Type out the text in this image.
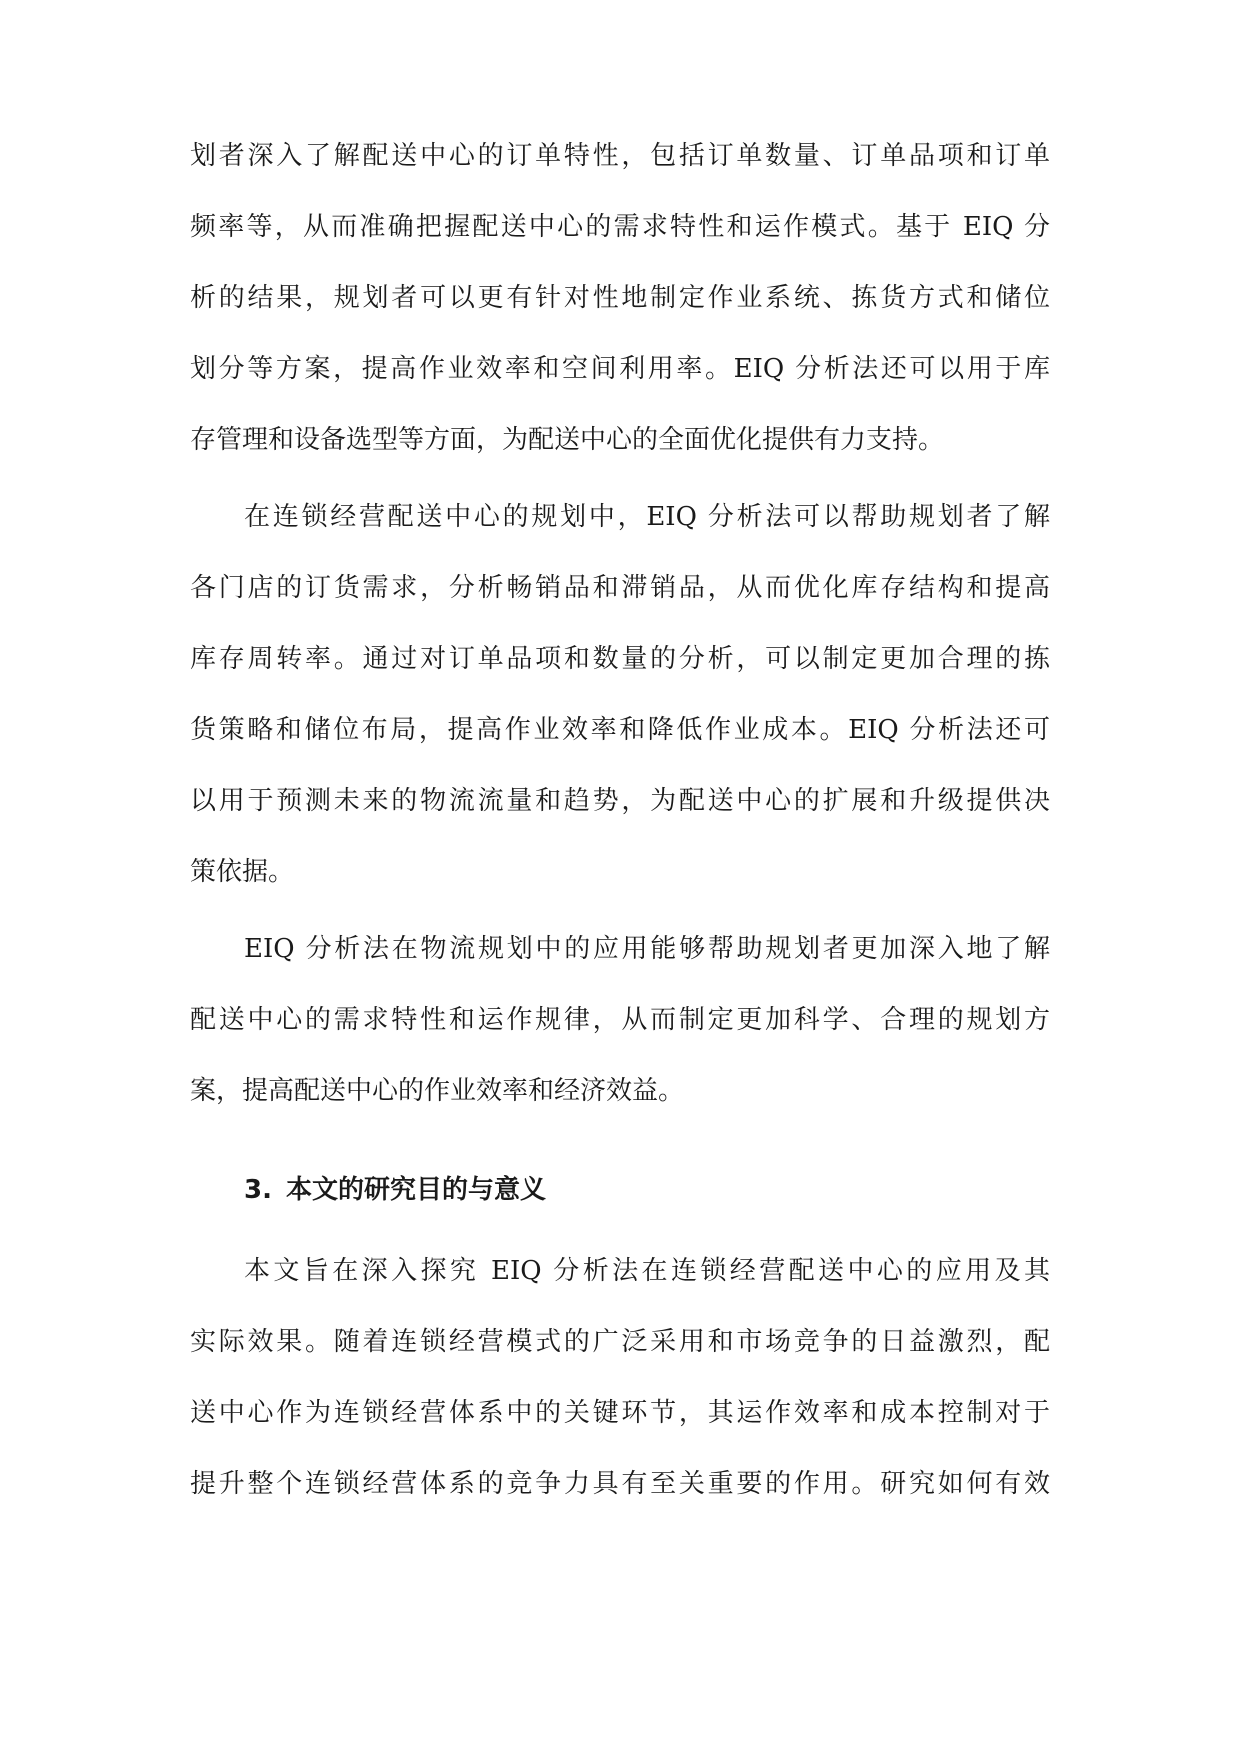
划者深入了解配送中心的订单特性，包括订单数量、订单品项和订单
频率等，从而准确把握配送中心的需求特性和运作模式。基于 EIQ 分
析的结果，规划者可以更有针对性地制定作业系统、拣货方式和储位
划分等方案，提高作业效率和空间利用率。EIQ 分析法还可以用于库
存管理和设备选型等方面，为配送中心的全面优化提供有力支持。
在连锁经营配送中心的规划中，EIQ 分析法可以帮助规划者了解
各门店的订货需求，分析畅销品和滞销品，从而优化库存结构和提高
库存周转率。通过对订单品项和数量的分析，可以制定更加合理的拣
货策略和储位布局，提高作业效率和降低作业成本。EIQ 分析法还可
以用于预测未来的物流流量和趋势，为配送中心的扩展和升级提供决
策依据。
EIQ 分析法在物流规划中的应用能够帮助规划者更加深入地了解
配送中心的需求特性和运作规律，从而制定更加科学、合理的规划方
案，提高配送中心的作业效率和经济效益。
3. 本文的研究目的与意义
本文旨在深入探究 EIQ 分析法在连锁经营配送中心的应用及其
实际效果。随着连锁经营模式的广泛采用和市场竞争的日益激烈，配
送中心作为连锁经营体系中的关键环节，其运作效率和成本控制对于
提升整个连锁经营体系的竞争力具有至关重要的作用。研究如何有效
